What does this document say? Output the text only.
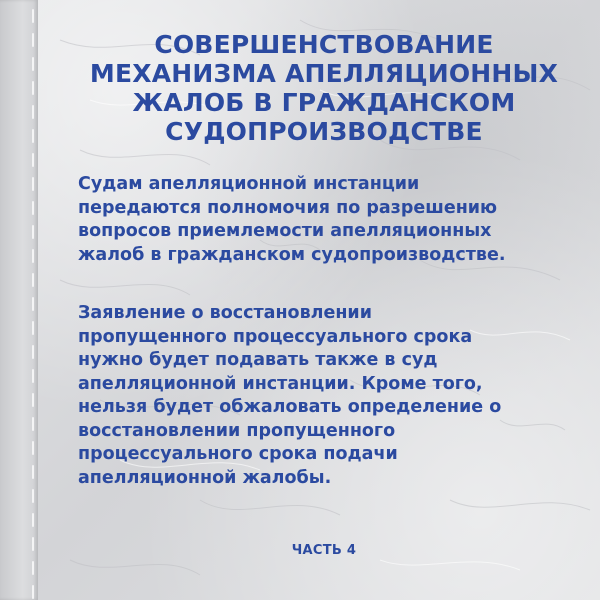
СОВЕРШЕНСТВОВАНИЕ
МЕХАНИЗМА АПЕЛЛЯЦИОННЫХ
ЖАЛОБ В ГРАЖДАНСКОМ
СУДОПРОИЗВОДСТВЕ

Судам апелляционной инстанции
передаются полномочия по разрешению
вопросов приемлемости апелляционных
жалоб в гражданском судопроизводстве.

Заявление о восстановлении
пропущенного процессуального срока
нужно будет подавать также в суд
апелляционной инстанции. Кроме того,
нельзя будет обжаловать определение о
восстановлении пропущенного
процессуального срока подачи
апелляционной жалобы.

ЧАСТЬ 4
